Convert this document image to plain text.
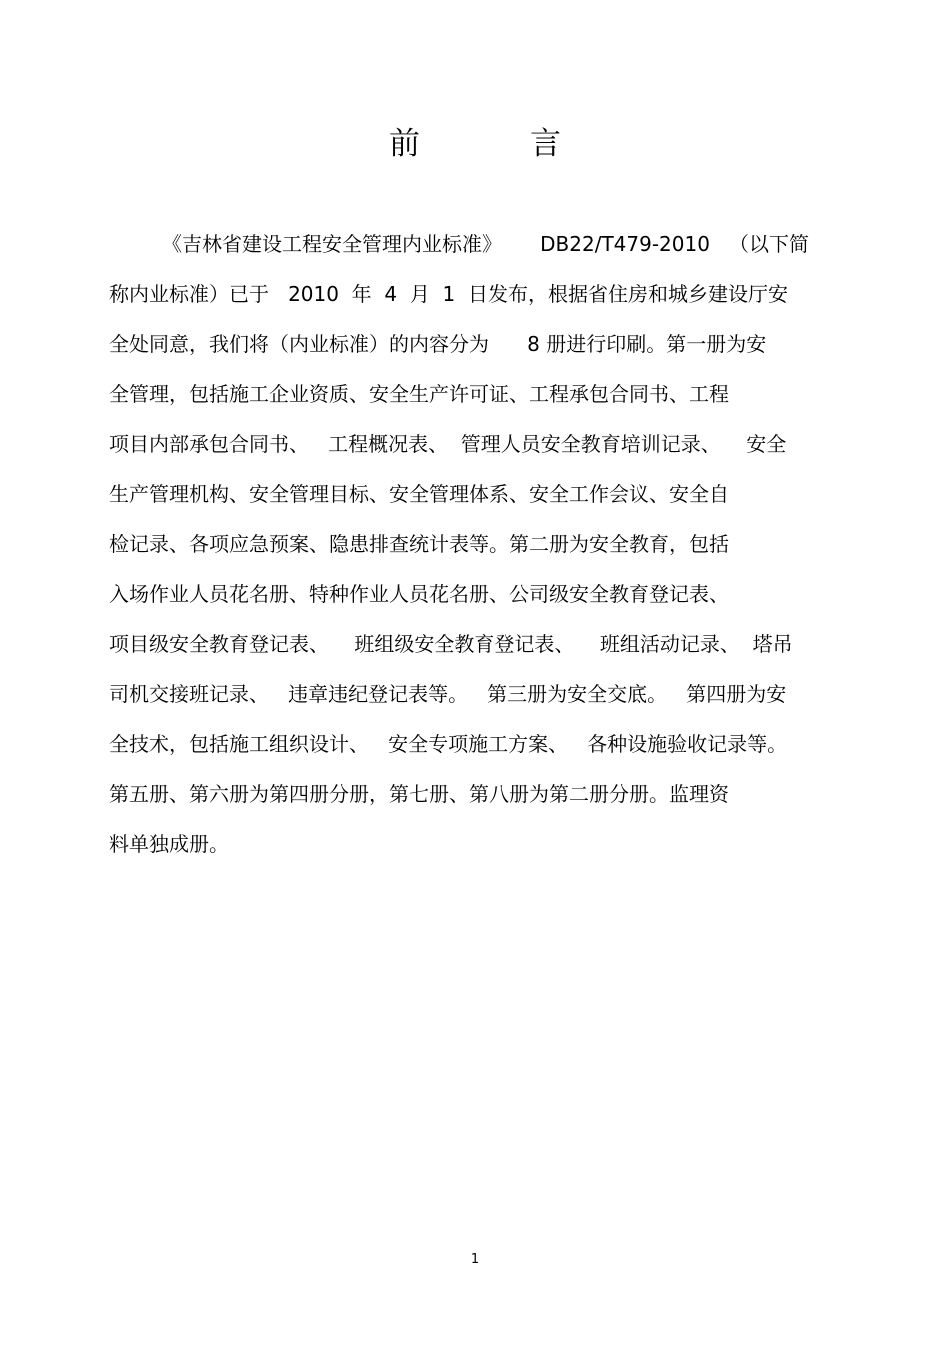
前	言
《吉林省建设工程安全管理内业标准》      DB22/T479-2010   （以下简
称内业标准）已于   2010  年  4  月  1  日发布，根据省住房和城乡建设厅安
全处同意，我们将（内业标准）的内容分为      8 册进行印刷。第一册为安
全管理，包括施工企业资质、安全生产许可证、工程承包合同书、工程
项目内部承包合同书、   工程概况表、  管理人员安全教育培训记录、    安全
生产管理机构、安全管理目标、安全管理体系、安全工作会议、安全自
检记录、各项应急预案、隐患排查统计表等。第二册为安全教育，包括
入场作业人员花名册、特种作业人员花名册、公司级安全教育登记表、
项目级安全教育登记表、    班组级安全教育登记表、    班组活动记录、  塔吊
司机交接班记录、   违章违纪登记表等。   第三册为安全交底。   第四册为安
全技术，包括施工组织设计、   安全专项施工方案、   各种设施验收记录等。
第五册、第六册为第四册分册，第七册、第八册为第二册分册。监理资
料单独成册。
1
